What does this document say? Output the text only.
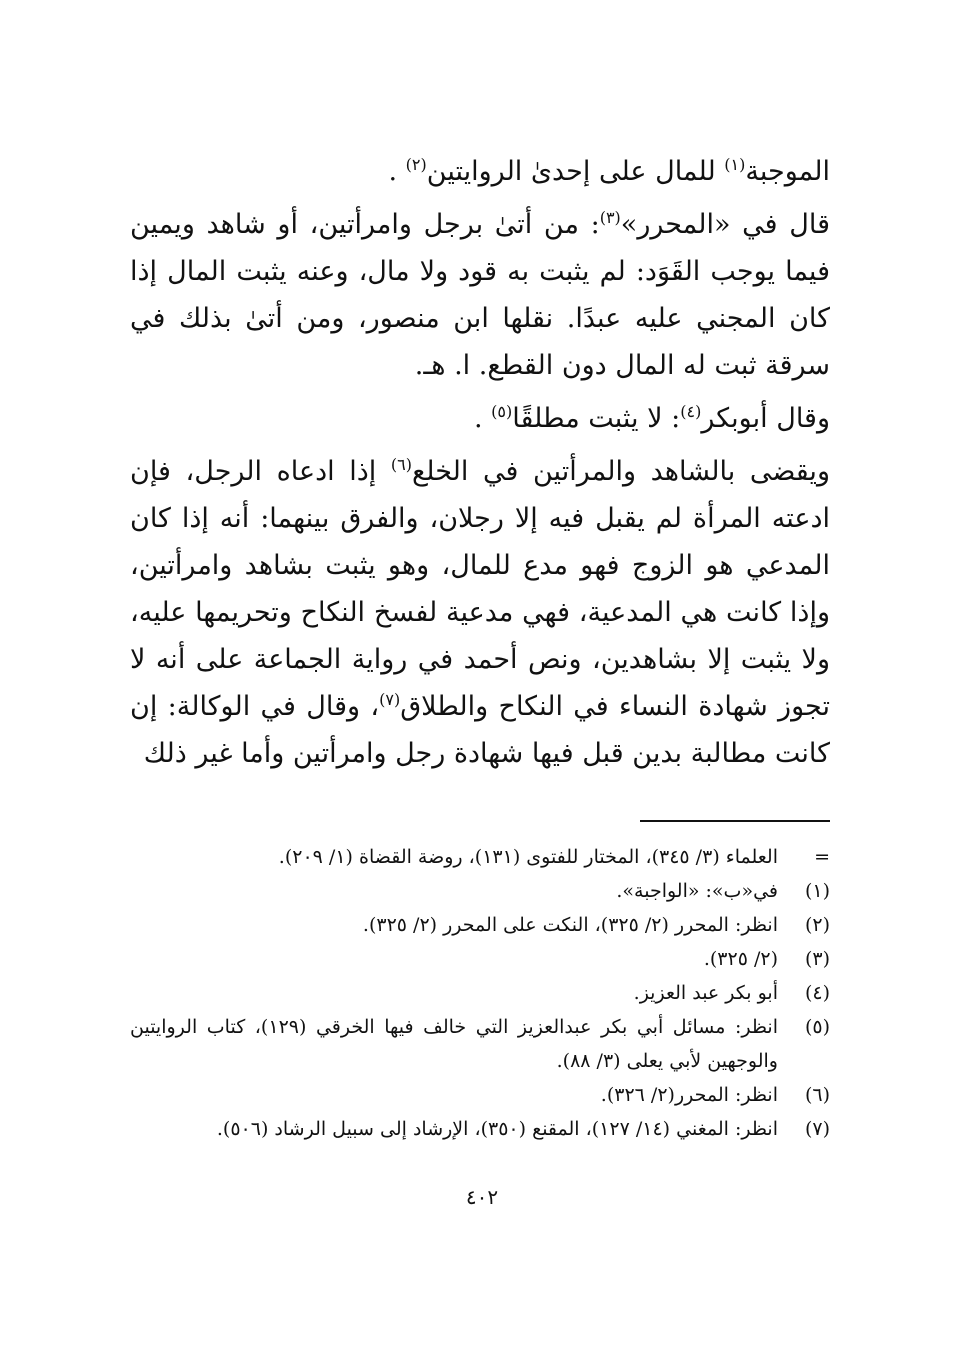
الموجبة$^{(١)}$ للمال على إحدىٰ الروايتين$^{(٢)}$ .

قال في «المحرر»$^{(٣)}$: من أتىٰ برجل وامرأتين، أو شاهد ويمين فيما يوجب القَوَد: لم يثبت به قود ولا مال، وعنه يثبت المال إذا كان المجني عليه عبدًا. نقلها ابن منصور، ومن أتىٰ بذلك في سرقة ثبت له المال دون القطع. ا. هـ.

وقال أبوبكر$^{(٤)}$: لا يثبت مطلقًا$^{(٥)}$ .

ويقضى بالشاهد والمرأتين في الخلع$^{(٦)}$ إذا ادعاه الرجل، فإن ادعته المرأة لم يقبل فيه إلا رجلان، والفرق بينهما: أنه إذا كان المدعي هو الزوج فهو مدع للمال، وهو يثبت بشاهد وامرأتين، وإذا كانت هي المدعية، فهي مدعية لفسخ النكاح وتحريمها عليه، ولا يثبت إلا بشاهدين، ونص أحمد في رواية الجماعة على أنه لا تجوز شهادة النساء في النكاح والطلاق$^{(٧)}$، وقال في الوكالة: إن كانت مطالبة بدين قبل فيها شهادة رجل وامرأتين وأما غير ذلك

=
العلماء (٣/ ٣٤٥)، المختار للفتوى (١٣١)، روضة القضاة (١/ ٢٠٩).
(١)
في«ب»: «الواجبة».
(٢)
انظر: المحرر (٢/ ٣٢٥)، النكت على المحرر (٢/ ٣٢٥).
(٣)
(٢/ ٣٢٥).
(٤)
أبو بكر عبد العزيز.
(٥)
انظر: مسائل أبي بكر عبدالعزيز التي خالف فيها الخرقي (١٢٩)، كتاب الروايتين والوجهين لأبي يعلى (٣/ ٨٨).
(٦)
انظر: المحرر(٢/ ٣٢٦).
(٧)
انظر: المغني (١٤/ ١٢٧)، المقنع (٣٥٠)، الإرشاد إلى سبيل الرشاد (٥٠٦).
٤٠٢
